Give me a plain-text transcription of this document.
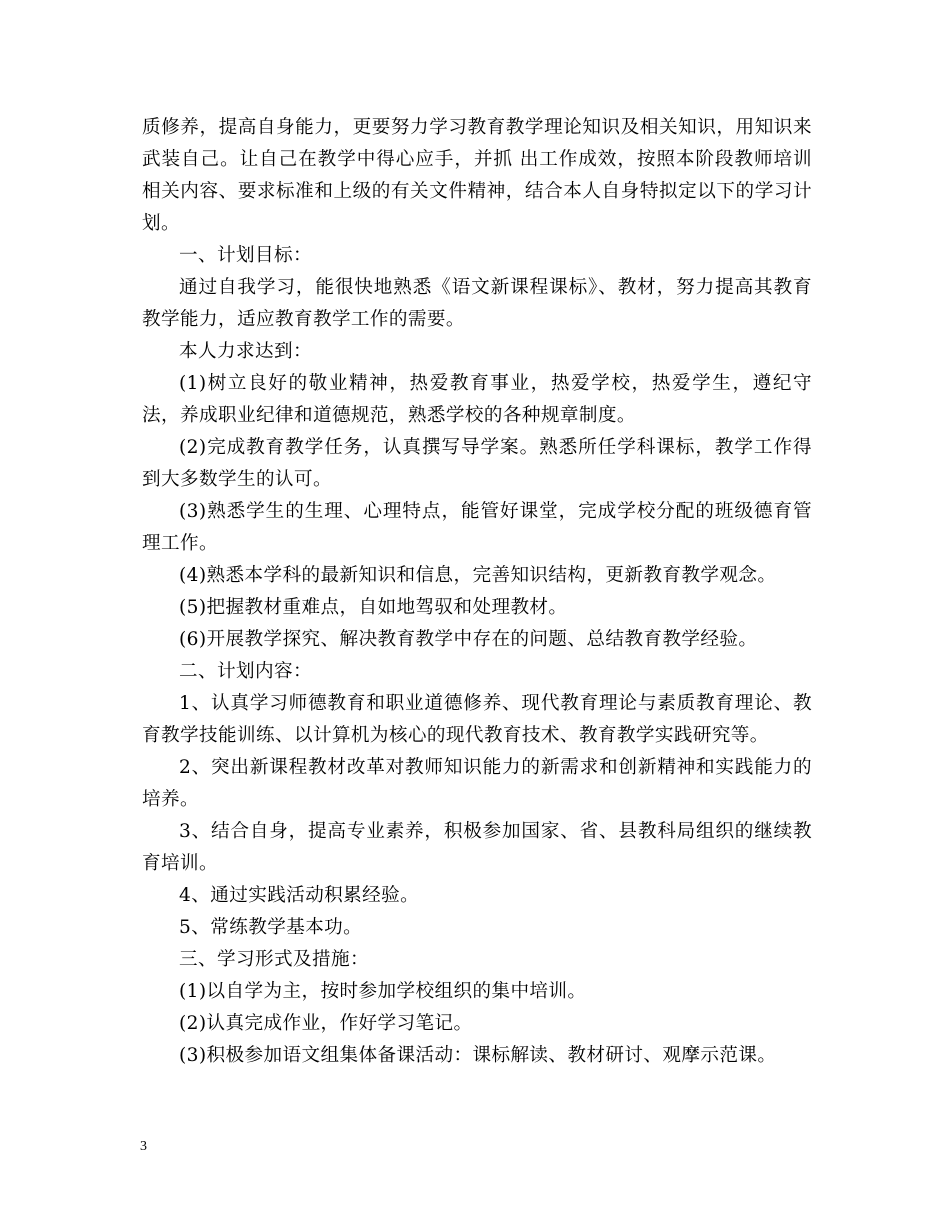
质修养，提高自身能力，更要努力学习教育教学理论知识及相关知识，用知识来武装自己。让自己在教学中得心应手，并抓 出工作成效，按照本阶段教师培训相关内容、要求标准和上级的有关文件精神，结合本人自身特拟定以下的学习计划。

一、计划目标：

通过自我学习，能很快地熟悉《语文新课程课标》、教材，努力提高其教育教学能力，适应教育教学工作的需要。

本人力求达到：

(1)树立良好的敬业精神，热爱教育事业，热爱学校，热爱学生，遵纪守法，养成职业纪律和道德规范，熟悉学校的各种规章制度。

(2)完成教育教学任务，认真撰写导学案。熟悉所任学科课标，教学工作得到大多数学生的认可。

(3)熟悉学生的生理、心理特点，能管好课堂，完成学校分配的班级德育管理工作。

(4)熟悉本学科的最新知识和信息，完善知识结构，更新教育教学观念。

(5)把握教材重难点，自如地驾驭和处理教材。

(6)开展教学探究、解决教育教学中存在的问题、总结教育教学经验。

二、计划内容：

1、认真学习师德教育和职业道德修养、现代教育理论与素质教育理论、教育教学技能训练、以计算机为核心的现代教育技术、教育教学实践研究等。

2、突出新课程教材改革对教师知识能力的新需求和创新精神和实践能力的培养。

3、结合自身，提高专业素养，积极参加国家、省、县教科局组织的继续教育培训。

4、通过实践活动积累经验。

5、常练教学基本功。

三、学习形式及措施：

(1)以自学为主，按时参加学校组织的集中培训。

(2)认真完成作业，作好学习笔记。

(3)积极参加语文组集体备课活动：课标解读、教材研讨、观摩示范课。

3
